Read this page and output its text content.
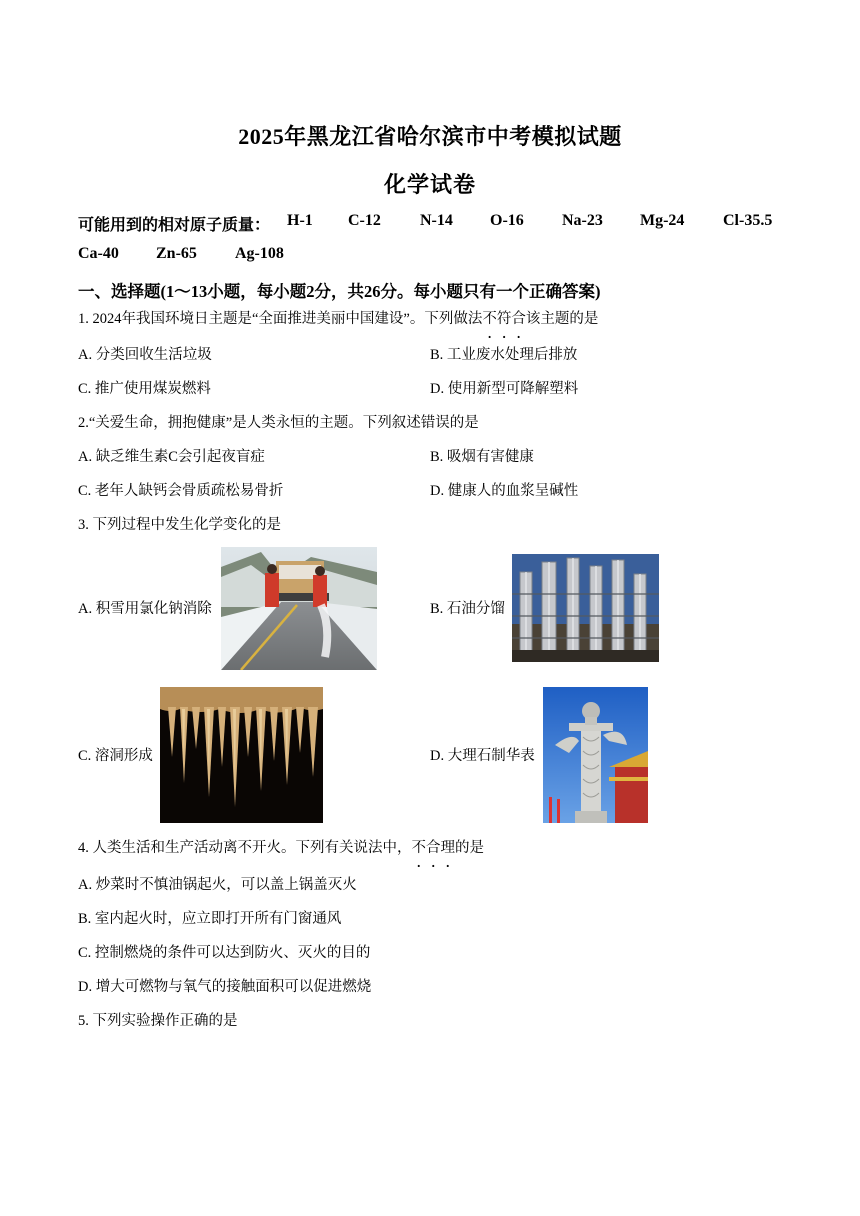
2025年黑龙江省哈尔滨市中考模拟试题
化学试卷
可能用到的相对原子质量： H-1 C-12 N-14 O-16 Na-23 Mg-24 Cl-35.5
Ca-40 Zn-65 Ag-108
一、选择题(1～13小题，每小题2分，共26分。每小题只有一个正确答案)
1. 2024年我国环境日主题是“全面推进美丽中国建设”。下列做法不符合该主题的是
A. 分类回收生活垃圾	B. 工业废水处理后排放
C. 推广使用煤炭燃料	D. 使用新型可降解塑料
2.“关爱生命，拥抱健康”是人类永恒的主题。下列叙述错误的是
A. 缺乏维生素C会引起夜盲症	B. 吸烟有害健康
C. 老年人缺钙会骨质疏松易骨折	D. 健康人的血浆呈碱性
3. 下列过程中发生化学变化的是
A. 积雪用氯化钠消除	B. 石油分馏
C. 溶洞形成	D. 大理石制华表
4. 人类生活和生产活动离不开火。下列有关说法中，不合理的是
A. 炒菜时不慎油锅起火，可以盖上锅盖灭火
B. 室内起火时，应立即打开所有门窗通风
C. 控制燃烧的条件可以达到防火、灭火的目的
D. 增大可燃物与氧气的接触面积可以促进燃烧
5. 下列实验操作正确的是
